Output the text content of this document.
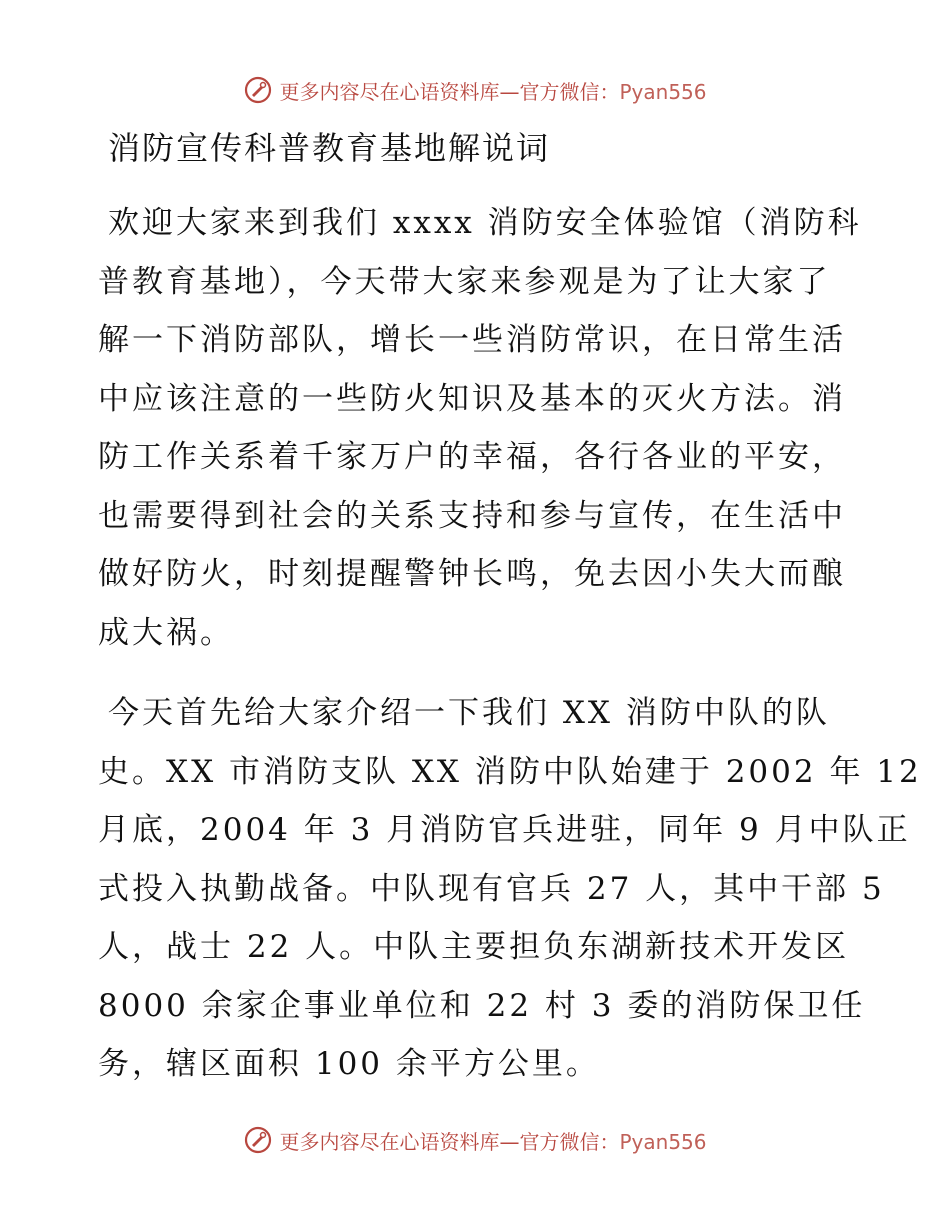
更多内容尽在心语资料库—官方微信：Pyan556
消防宣传科普教育基地解说词
欢迎大家来到我们 xxxx 消防安全体验馆（消防科
普教育基地），今天带大家来参观是为了让大家了
解一下消防部队，增长一些消防常识，在日常生活
中应该注意的一些防火知识及基本的灭火方法。消
防工作关系着千家万户的幸福，各行各业的平安，
也需要得到社会的关系支持和参与宣传，在生活中
做好防火，时刻提醒警钟长鸣，免去因小失大而酿
成大祸。
今天首先给大家介绍一下我们 XX 消防中队的队
史。XX 市消防支队 XX 消防中队始建于 2002 年 12
月底，2004 年 3 月消防官兵进驻，同年 9 月中队正
式投入执勤战备。中队现有官兵 27 人，其中干部 5
人，战士 22 人。中队主要担负东湖新技术开发区
8000 余家企事业单位和 22 村 3 委的消防保卫任
务，辖区面积 100 余平方公里。
更多内容尽在心语资料库—官方微信：Pyan556
